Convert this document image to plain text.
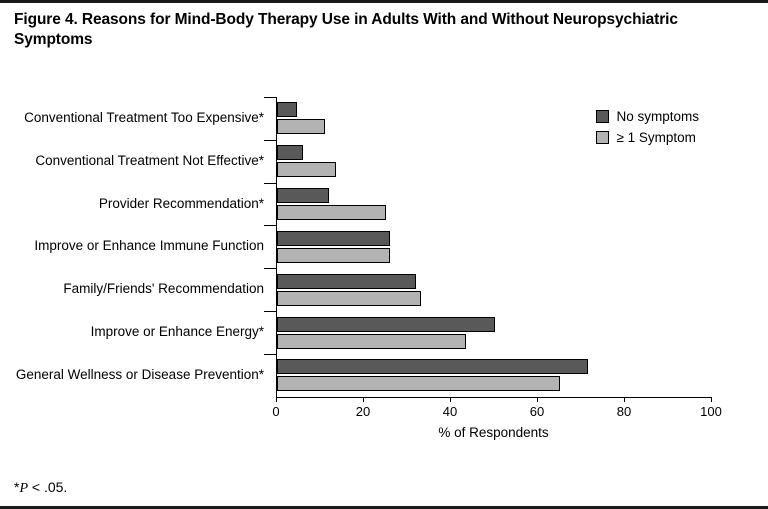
Figure 4. Reasons for Mind-Body Therapy Use in Adults With and Without Neuropsychiatric Symptoms
No symptoms
≥ 1 Symptom
Conventional Treatment Too Expensive*
Conventional Treatment Not Effective*
Provider Recommendation*
Improve or Enhance Immune Function
Family/Friends' Recommendation
Improve or Enhance Energy*
General Wellness or Disease Prevention*
0	20	40	60	80	100
% of Respondents
*P < .05.
